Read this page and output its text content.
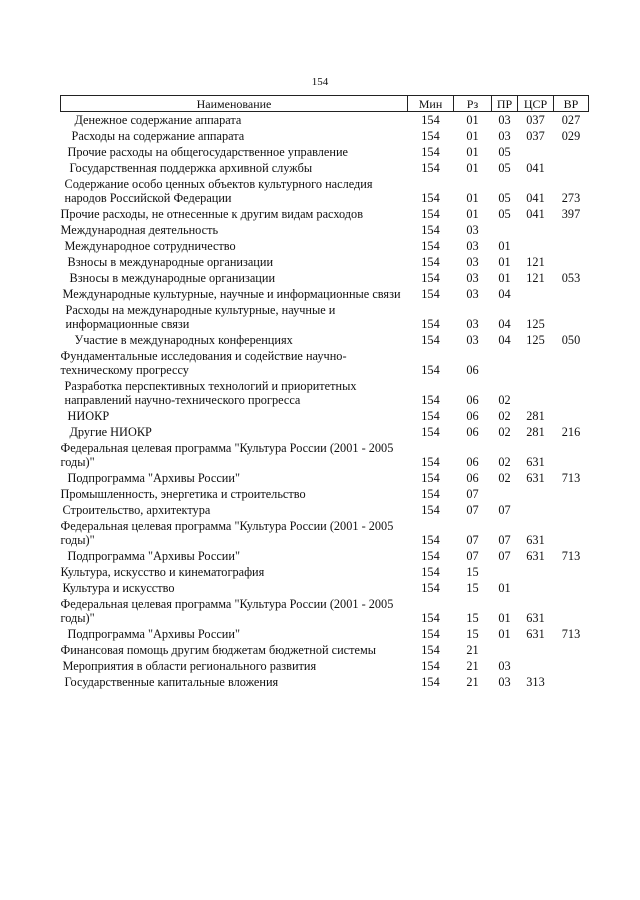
154
Наименование	Мин	Рз	ПР	ЦСР	ВР
Денежное содержание аппарата	154	01	03	037	027
Расходы на содержание аппарата	154	01	03	037	029
Прочие расходы на общегосударственное управление	154	01	05		
Государственная поддержка архивной службы	154	01	05	041	
Содержание особо ценных объектов культурного наследия народов Российской Федерации	154	01	05	041	273
Прочие расходы, не отнесенные к другим видам расходов	154	01	05	041	397
Международная деятельность	154	03			
Международное сотрудничество	154	03	01		
Взносы в международные организации	154	03	01	121	
Взносы в международные организации	154	03	01	121	053
Международные культурные, научные и информационные связи	154	03	04		
Расходы на международные культурные, научные и информационные связи	154	03	04	125	
Участие в международных конференциях	154	03	04	125	050
Фундаментальные исследования и содействие научно-техническому прогрессу	154	06			
Разработка перспективных технологий и приоритетных направлений научно-технического прогресса	154	06	02		
НИОКР	154	06	02	281	
Другие НИОКР	154	06	02	281	216
Федеральная целевая программа "Культура России (2001 - 2005 годы)"	154	06	02	631	
Подпрограмма "Архивы России"	154	06	02	631	713
Промышленность, энергетика и строительство	154	07			
Строительство, архитектура	154	07	07		
Федеральная целевая программа "Культура России (2001 - 2005 годы)"	154	07	07	631	
Подпрограмма "Архивы России"	154	07	07	631	713
Культура, искусство и кинематография	154	15			
Культура и искусство	154	15	01		
Федеральная целевая программа "Культура России (2001 - 2005 годы)"	154	15	01	631	
Подпрограмма "Архивы России"	154	15	01	631	713
Финансовая помощь другим бюджетам бюджетной системы	154	21			
Мероприятия в области регионального развития	154	21	03		
Государственные капитальные вложения	154	21	03	313	
